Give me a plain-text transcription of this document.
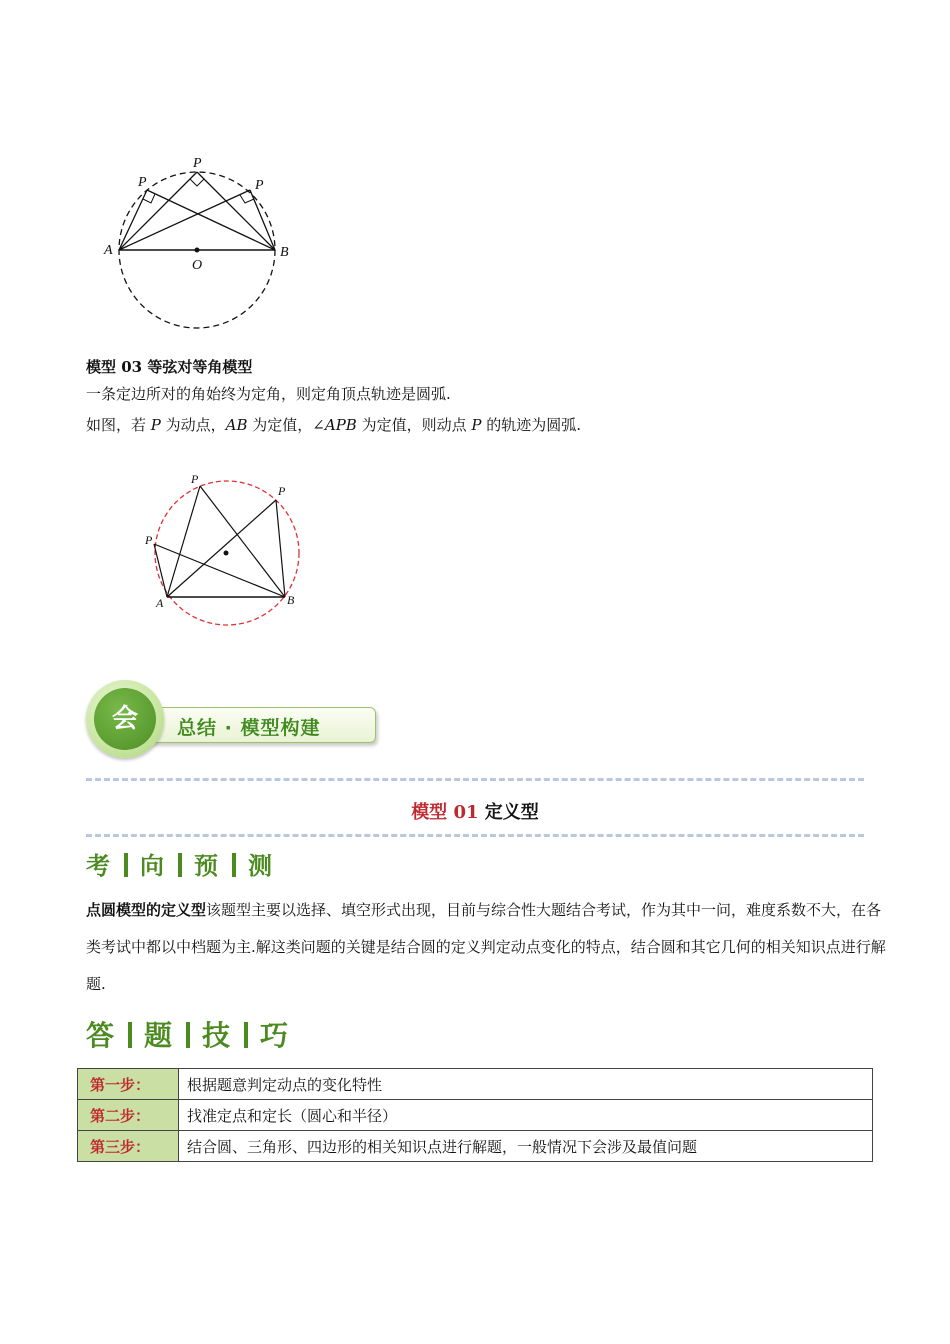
P
P
P
A	B
O
模型 03 等弦对等角模型
一条定边所对的角始终为定角，则定角顶点轨迹是圆弧.
如图，若 P 为动点，AB 为定值，∠APB 为定值，则动点 P 的轨迹为圆弧.
P
P
P
A	B
总结 · 模型构建
会
模型 01 定义型
考 向 预 测
点圆模型的定义型该题型主要以选择、填空形式出现，目前与综合性大题结合考试，作为其中一问，难度系数不大，在各类考试中都以中档题为主.解这类问题的关键是结合圆的定义判定动点变化的特点，结合圆和其它几何的相关知识点进行解题.
答 题 技 巧
第一步：	根据题意判定动点的变化特性
第二步：	找准定点和定长（圆心和半径）
第三步：	结合圆、三角形、四边形的相关知识点进行解题，一般情况下会涉及最值问题
